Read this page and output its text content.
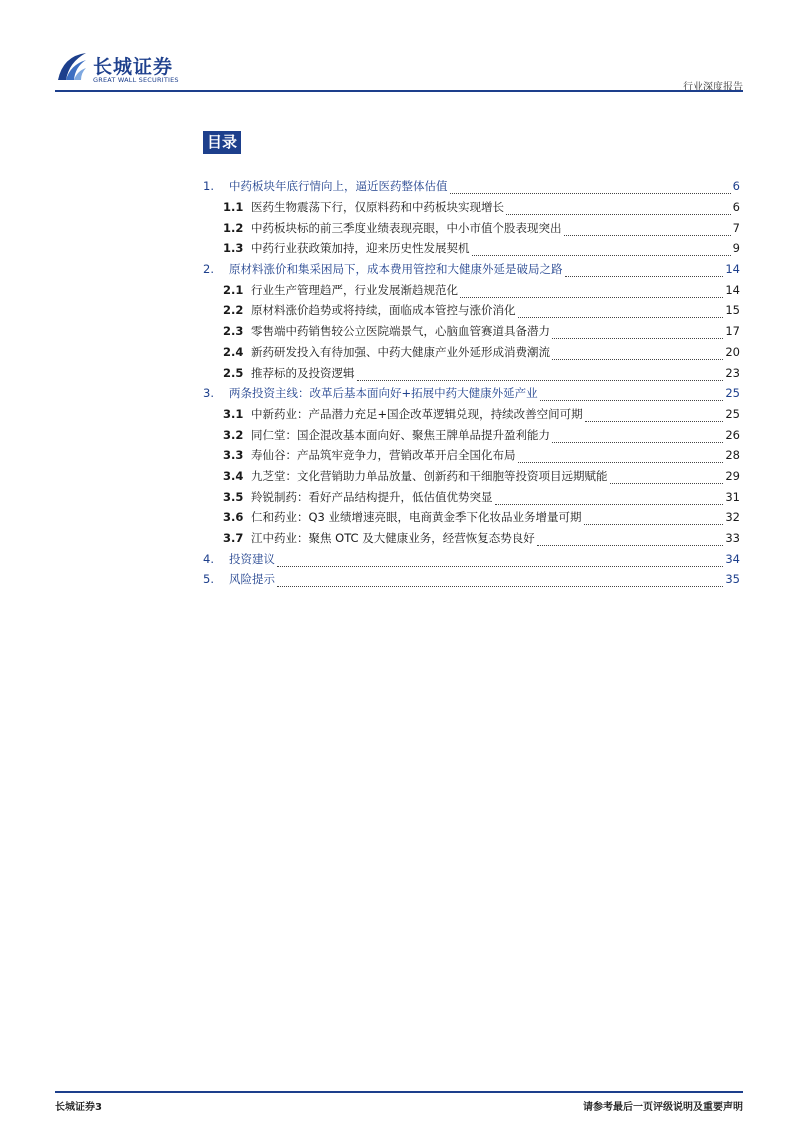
长城证券
GREAT WALL SECURITIES
行业深度报告
目录
1.	中药板块年底行情向上，逼近医药整体估值	6
1.1 医药生物震荡下行，仅原料药和中药板块实现增长	6
1.2 中药板块标的前三季度业绩表现亮眼，中小市值个股表现突出	7
1.3 中药行业获政策加持，迎来历史性发展契机	9
2.	原材料涨价和集采困局下，成本费用管控和大健康外延是破局之路	14
2.1 行业生产管理趋严，行业发展渐趋规范化	14
2.2 原材料涨价趋势或将持续，面临成本管控与涨价消化	15
2.3 零售端中药销售较公立医院端景气，心脑血管赛道具备潜力	17
2.4 新药研发投入有待加强、中药大健康产业外延形成消费潮流	20
2.5 推荐标的及投资逻辑	23
3.	两条投资主线：改革后基本面向好+拓展中药大健康外延产业	25
3.1 中新药业：产品潜力充足+国企改革逻辑兑现，持续改善空间可期	25
3.2 同仁堂：国企混改基本面向好、聚焦王牌单品提升盈利能力	26
3.3 寿仙谷：产品筑牢竞争力，营销改革开启全国化布局	28
3.4 九芝堂：文化营销助力单品放量、创新药和干细胞等投资项目远期赋能	29
3.5 羚锐制药：看好产品结构提升，低估值优势突显	31
3.6 仁和药业：Q3 业绩增速亮眼，电商黄金季下化妆品业务增量可期	32
3.7 江中药业：聚焦 OTC 及大健康业务，经营恢复态势良好	33
4.	投资建议	34
5.	风险提示	35
长城证券3	请参考最后一页评级说明及重要声明
